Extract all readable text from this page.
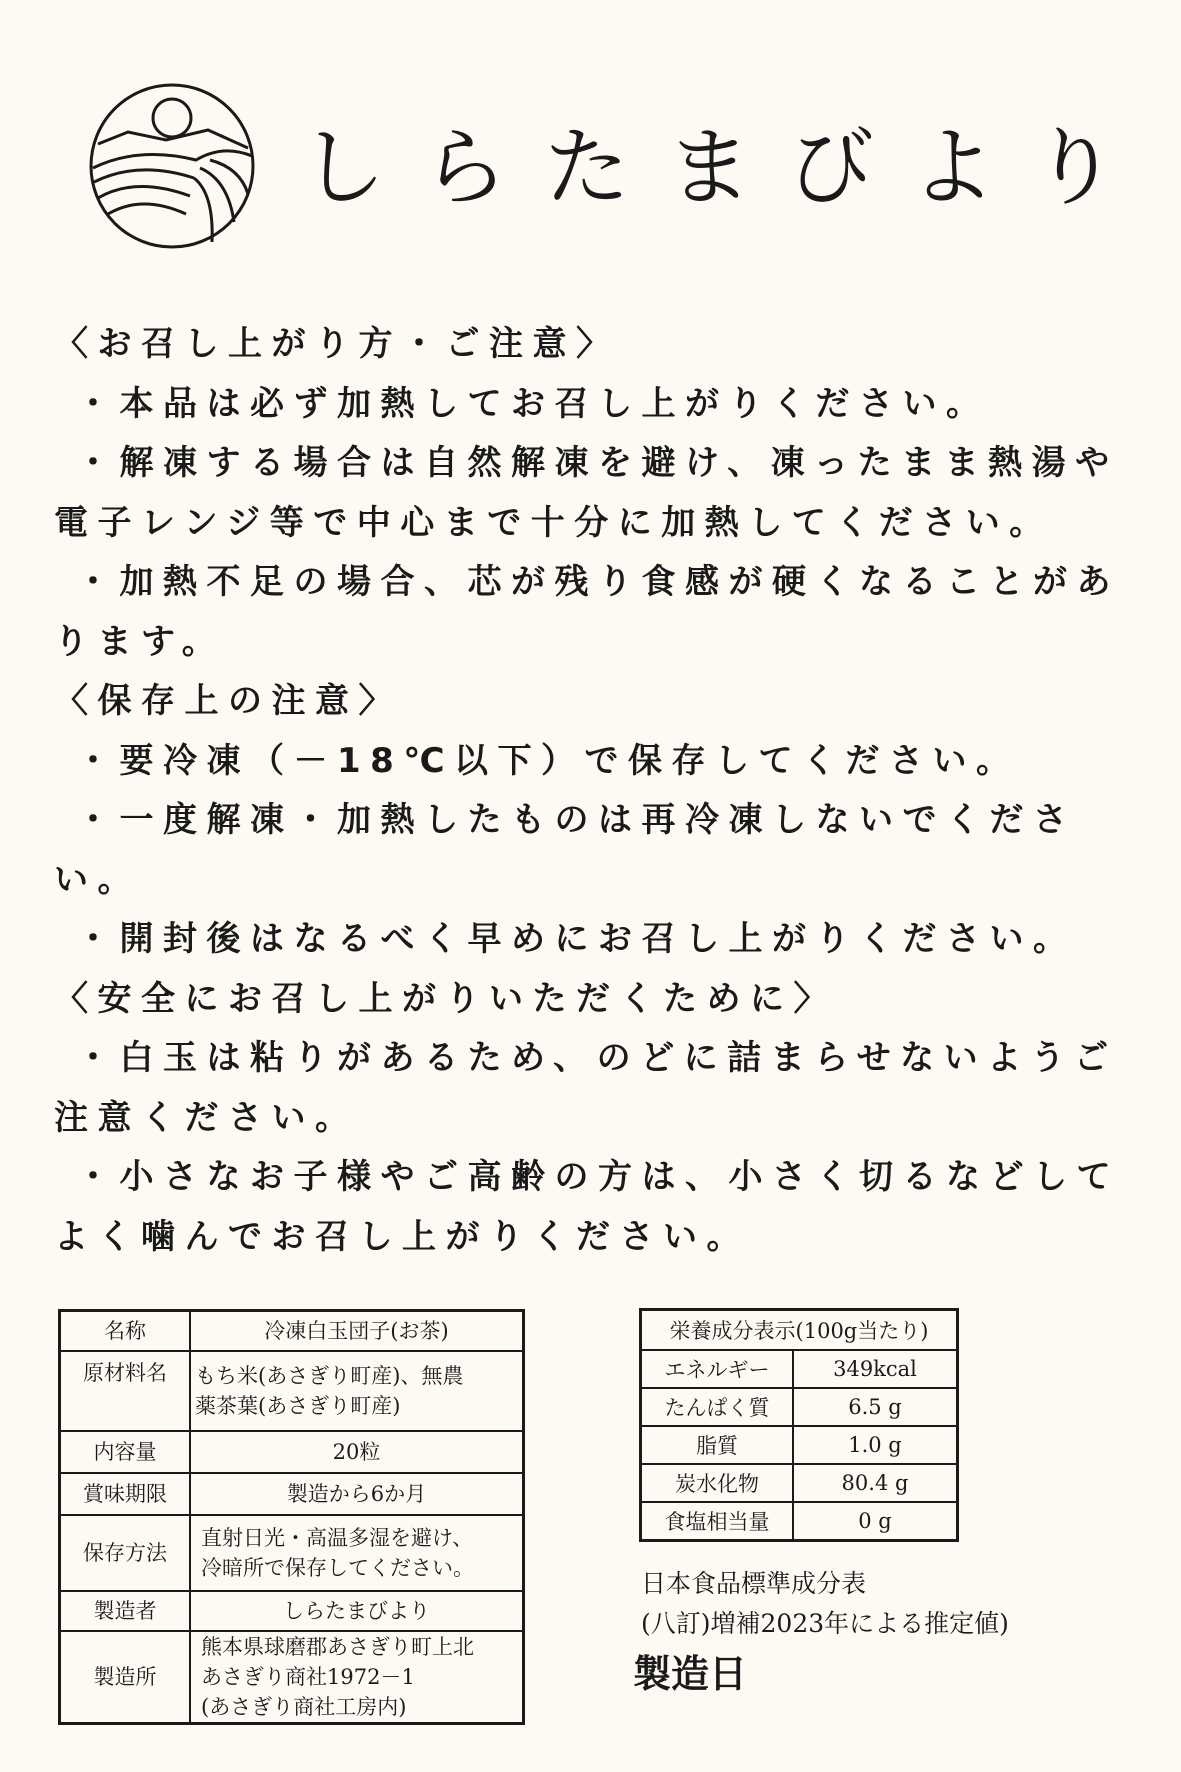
しらたまびより
〈お召し上がり方・ご注意〉
・本品は必ず加熱してお召し上がりください。
・解凍する場合は自然解凍を避け、凍ったまま熱湯や
電子レンジ等で中心まで十分に加熱してください。
・加熱不足の場合、芯が残り食感が硬くなることがあ
ります。
〈保存上の注意〉
・要冷凍（－18℃以下）で保存してください。
・一度解凍・加熱したものは再冷凍しないでくださ
い。
・開封後はなるべく早めにお召し上がりください。
〈安全にお召し上がりいただくために〉
・白玉は粘りがあるため、のどに詰まらせないようご
注意ください。
・小さなお子様やご高齢の方は、小さく切るなどして
よく噛んでお召し上がりください。
名称	冷凍白玉団子(お茶)
原材料名	もち米(あさぎり町産)、無農
薬茶葉(あさぎり町産)

内容量	20粒
賞味期限	製造から6か月
保存方法	直射日光・高温多湿を避け、
冷暗所で保存してください。

製造者	しらたまびより
製造所	熊本県球磨郡あさぎり町上北
あさぎり商社1972－1
(あさぎり商社工房内)
栄養成分表示(100g当たり)	
エネルギー	349kcal
たんぱく質	6.5 g
脂質	1.0 g
炭水化物	80.4 g
食塩相当量	0 g
日本食品標準成分表
(八訂)増補2023年による推定値)
製造日
